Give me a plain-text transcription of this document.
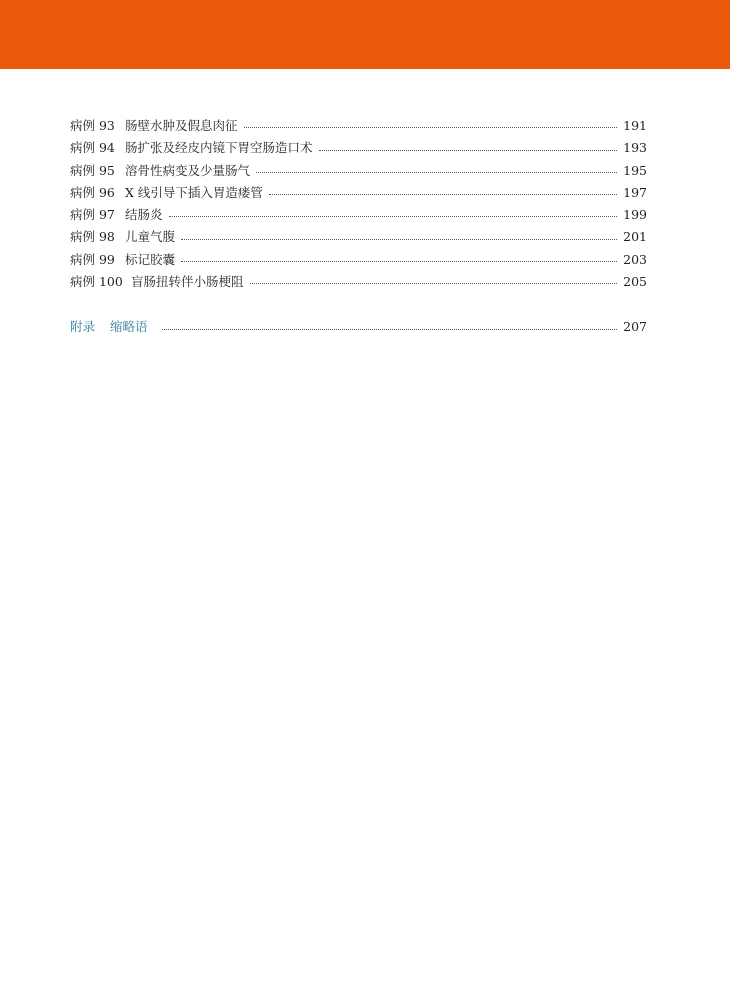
病例 93 肠壁水肿及假息肉征	191
病例 94 肠扩张及经皮内镜下胃空肠造口术	193
病例 95 溶骨性病变及少量肠气	195
病例 96 X 线引导下插入胃造瘘管	197
病例 97 结肠炎	199
病例 98 儿童气腹	201
病例 99 标记胶囊	203
病例 100 盲肠扭转伴小肠梗阻	205
附录	缩略语	207
